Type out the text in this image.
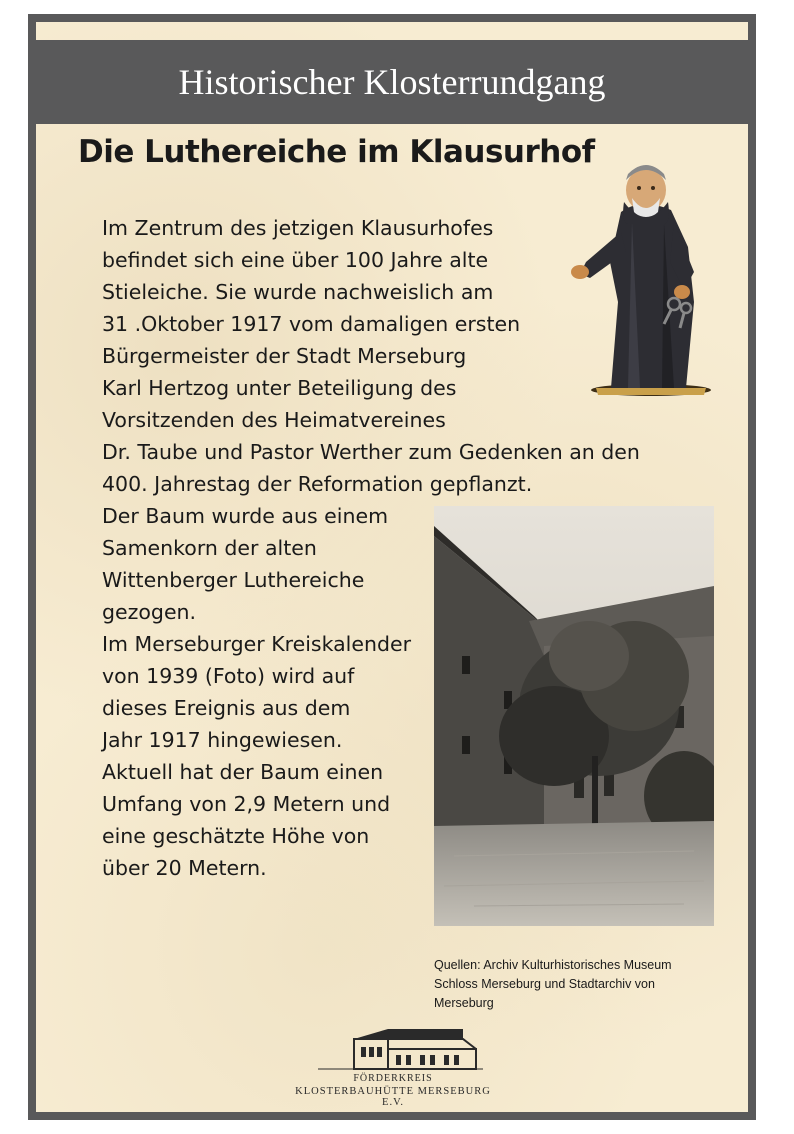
Historischer Klosterrundgang
Die Luthereiche im Klausurhof
Im Zentrum des jetzigen Klausurhofes
befindet sich eine über 100 Jahre alte
Stieleiche. Sie wurde nachweislich am
31 .Oktober 1917 vom damaligen ersten
Bürgermeister der Stadt Merseburg
Karl Hertzog unter Beteiligung des
Vorsitzenden des Heimatvereines
Dr. Taube und Pastor Werther zum Gedenken an den
400. Jahrestag der Reformation gepflanzt.
Der Baum wurde aus einem
Samenkorn der alten
Wittenberger Luthereiche
gezogen.
Im Merseburger Kreiskalender
von 1939 (Foto) wird auf
dieses Ereignis aus dem
Jahr 1917 hingewiesen.
Aktuell hat der Baum einen
Umfang von 2,9 Metern und
eine geschätzte Höhe von
über 20 Metern.
Quellen: Archiv Kulturhistorisches Museum
Schloss Merseburg und Stadtarchiv von
Merseburg
FÖRDERKREIS
KLOSTERBAUHÜTTE MERSEBURG E.V.
